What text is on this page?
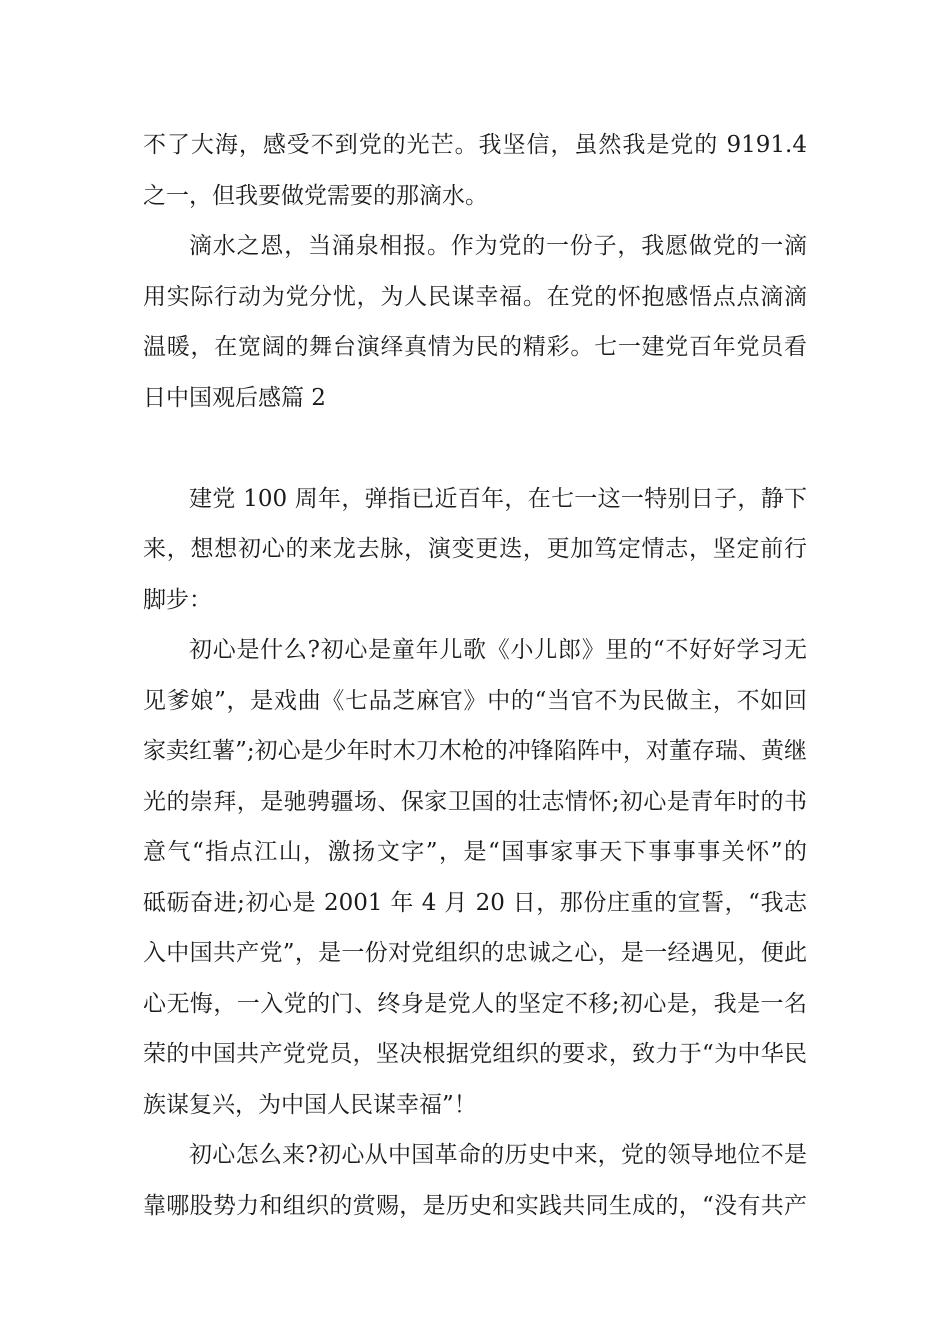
不了大海，感受不到党的光芒。我坚信，虽然我是党的 9191.4
之一，但我要做党需要的那滴水。
滴水之恩，当涌泉相报。作为党的一份子，我愿做党的一滴
用实际行动为党分忧，为人民谋幸福。在党的怀抱感悟点点滴滴
温暖，在宽阔的舞台演绎真情为民的精彩。七一建党百年党员看
日中国观后感篇 2
建党 100 周年，弹指已近百年，在七一这一特别日子，静下
来，想想初心的来龙去脉，演变更迭，更加笃定情志，坚定前行
脚步：
初心是什么?初心是童年儿歌《小儿郎》里的“不好好学习无
见爹娘”，是戏曲《七品芝麻官》中的“当官不为民做主，不如回
家卖红薯”;初心是少年时木刀木枪的冲锋陷阵中，对董存瑞、黄继
光的崇拜，是驰骋疆场、保家卫国的壮志情怀;初心是青年时的书
意气“指点江山，激扬文字”，是“国事家事天下事事事关怀”的
砥砺奋进;初心是 2001 年 4 月 20 日，那份庄重的宣誓，“我志
入中国共产党”，是一份对党组织的忠诚之心，是一经遇见，便此
心无悔，一入党的门、终身是党人的坚定不移;初心是，我是一名
荣的中国共产党党员，坚决根据党组织的要求，致力于“为中华民
族谋复兴，为中国人民谋幸福”！
初心怎么来?初心从中国革命的历史中来，党的领导地位不是
靠哪股势力和组织的赏赐，是历史和实践共同生成的，“没有共产
